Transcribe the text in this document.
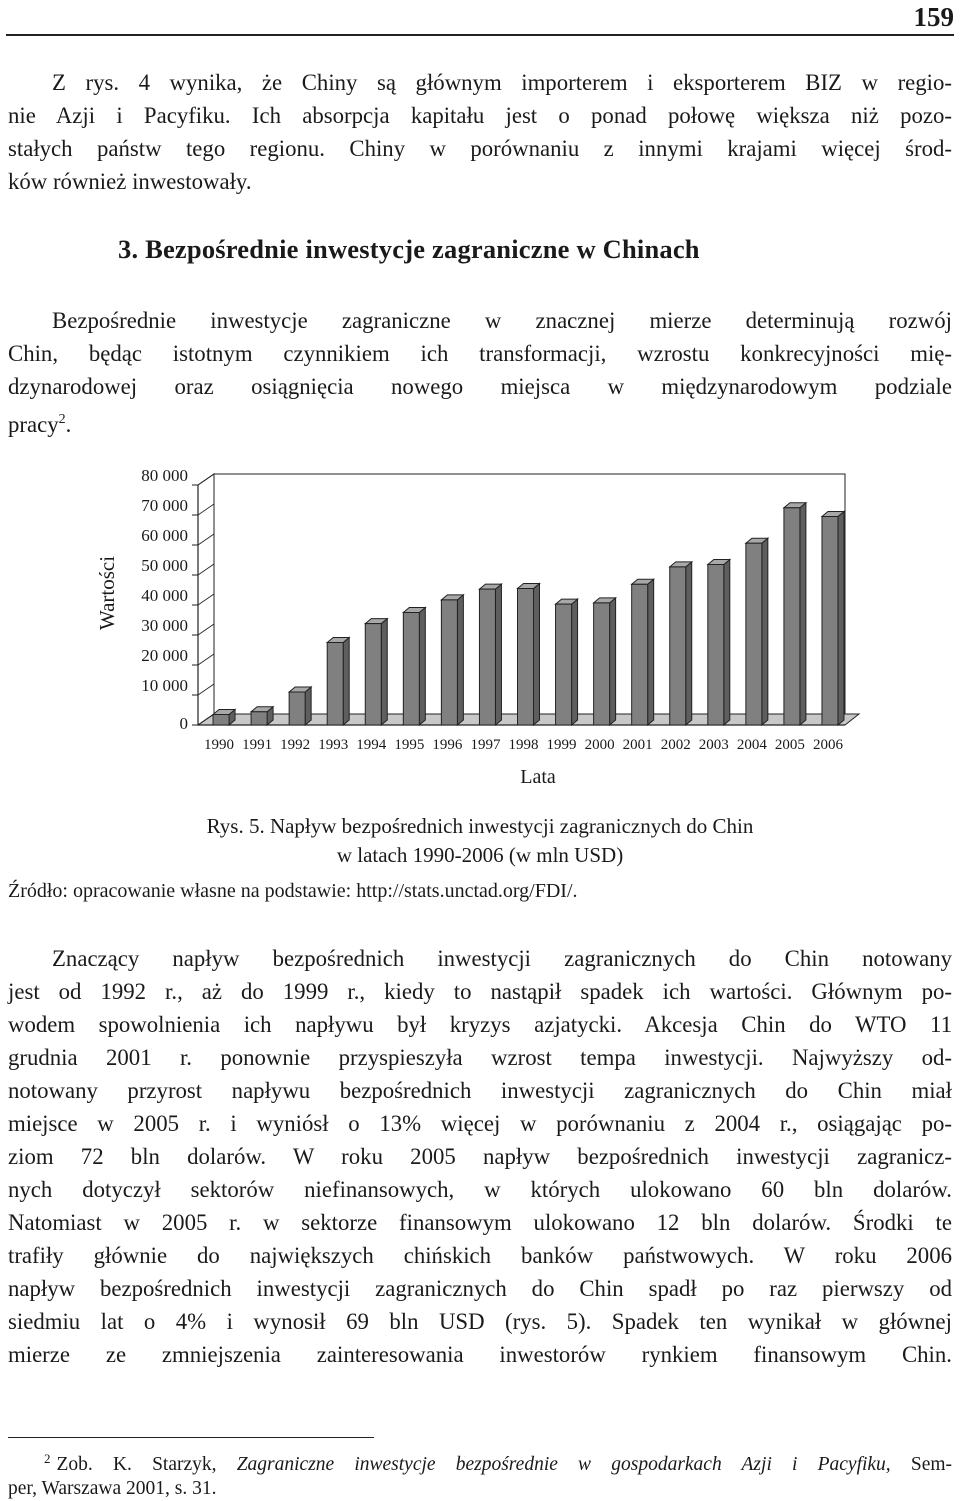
159

Z rys. 4 wynika, że Chiny są głównym importerem i eksporterem BIZ w regio-
nie Azji i Pacyfiku. Ich absorpcja kapitału jest o ponad połowę większa niż pozo-
stałych państw tego regionu. Chiny w porównaniu z innymi krajami więcej środ-
ków również inwestowały.

3. Bezpośrednie inwestycje zagraniczne w Chinach

Bezpośrednie inwestycje zagraniczne w znacznej mierze determinują rozwój
Chin, będąc istotnym czynnikiem ich transformacji, wzrostu konkrecyjności mię-
dzynarodowej oraz osiągnięcia nowego miejsca w międzynarodowym podziale
pracy$^2$.

0
10 000
20 000
30 000
40 000
50 000
60 000
70 000
80 000
1990 1991 1992 1993 1994 1995 1996 1997 1998 1999 2000 2001 2002 2003 2004 2005 2006
Lata
Wartości

Rys. 5. Napływ bezpośrednich inwestycji zagranicznych do Chin

w latach 1990-2006 (w mln USD)

Źródło: opracowanie własne na podstawie: http://stats.unctad.org/FDI/.

Znaczący napływ bezpośrednich inwestycji zagranicznych do Chin notowany
jest od 1992 r., aż do 1999 r., kiedy to nastąpił spadek ich wartości. Głównym po-
wodem spowolnienia ich napływu był kryzys azjatycki. Akcesja Chin do WTO 11
grudnia 2001 r. ponownie przyspieszyła wzrost tempa inwestycji. Najwyższy od-
notowany przyrost napływu bezpośrednich inwestycji zagranicznych do Chin miał
miejsce w 2005 r. i wyniósł o 13% więcej w porównaniu z 2004 r., osiągając po-
ziom 72 bln dolarów. W roku 2005 napływ bezpośrednich inwestycji zagranicz-
nych dotyczył sektorów niefinansowych, w których ulokowano 60 bln dolarów.
Natomiast w 2005 r. w sektorze finansowym ulokowano 12 bln dolarów. Środki te
trafiły głównie do największych chińskich banków państwowych. W roku 2006
napływ bezpośrednich inwestycji zagranicznych do Chin spadł po raz pierwszy od
siedmiu lat o 4% i wynosił 69 bln USD (rys. 5). Spadek ten wynikał w głównej
mierze ze zmniejszenia zainteresowania inwestorów rynkiem finansowym Chin.

$^2$ Zob. K. Starzyk, Zagraniczne inwestycje bezpośrednie w gospodarkach Azji i Pacyfiku, Sem-
per, Warszawa 2001, s. 31.
